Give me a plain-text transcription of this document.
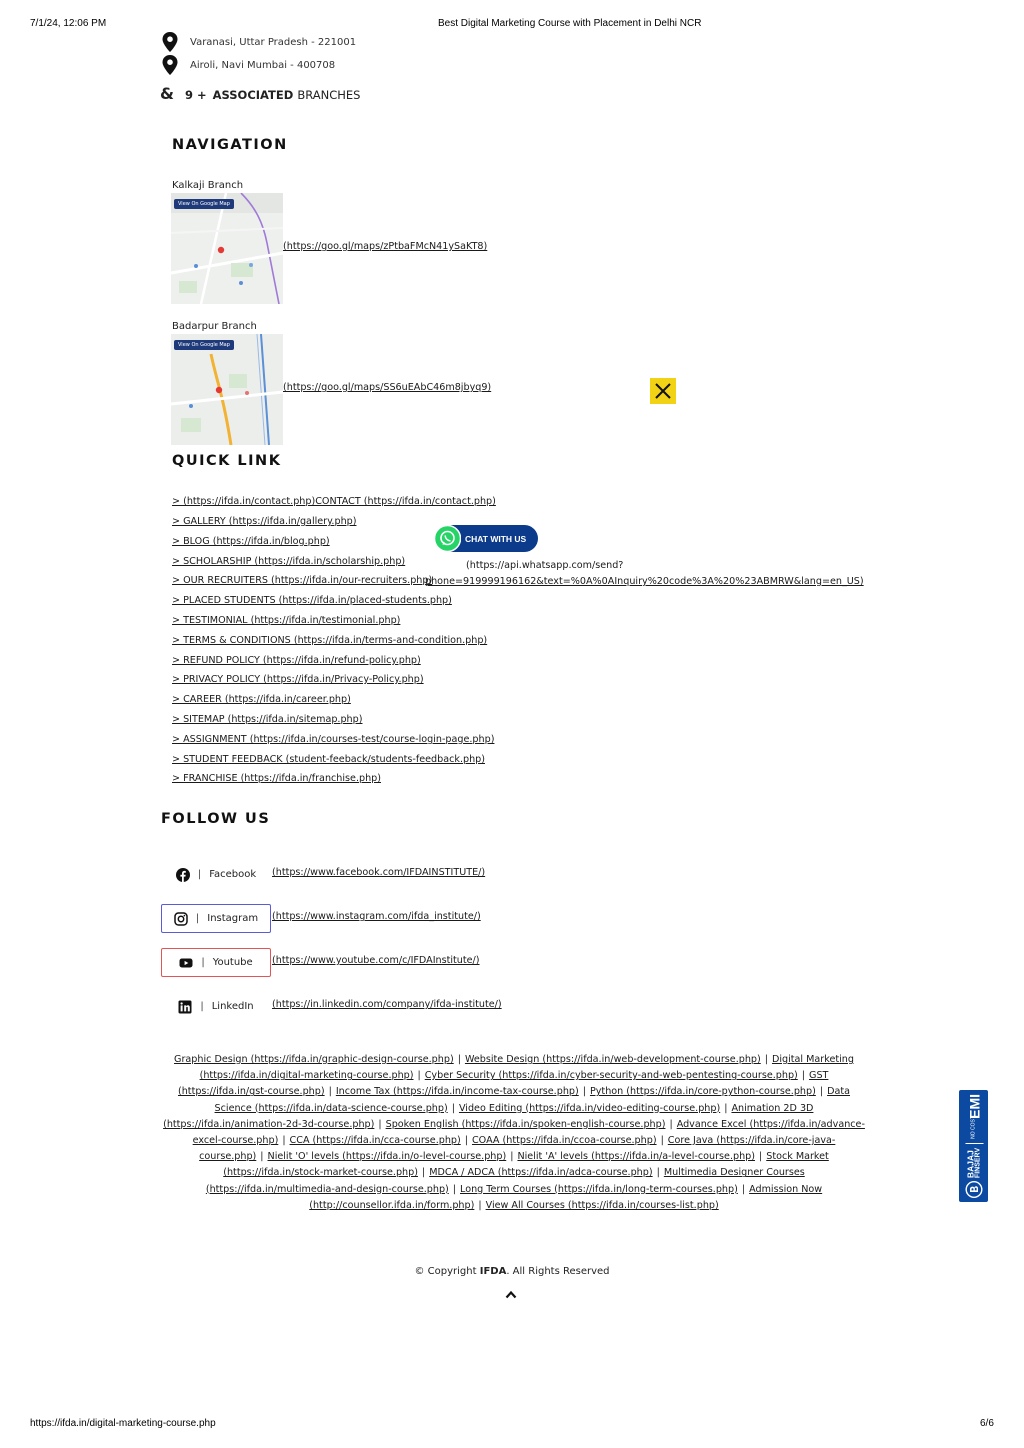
7/1/24, 12:06 PM	Best Digital Marketing Course with Placement in Delhi NCR
Varanasi, Uttar Pradesh - 221001
Airoli, Navi Mumbai - 400708
& 9 + ASSOCIATED BRANCHES
NAVIGATION
Kalkaji Branch
View On Google Map
(https://goo.gl/maps/zPtbaFMcN41ySaKT8)
Badarpur Branch
View On Google Map
(https://goo.gl/maps/SS6uEAbC46m8jbyq9)
QUICK LINK
> (https://ifda.in/contact.php)CONTACT (https://ifda.in/contact.php)
> GALLERY (https://ifda.in/gallery.php)
> BLOG (https://ifda.in/blog.php)
> SCHOLARSHIP (https://ifda.in/scholarship.php)
> OUR RECRUITERS (https://ifda.in/our-recruiters.php)
> PLACED STUDENTS (https://ifda.in/placed-students.php)
> TESTIMONIAL (https://ifda.in/testimonial.php)
> TERMS & CONDITIONS (https://ifda.in/terms-and-condition.php)
> REFUND POLICY (https://ifda.in/refund-policy.php)
> PRIVACY POLICY (https://ifda.in/Privacy-Policy.php)
> CAREER (https://ifda.in/career.php)
> SITEMAP (https://ifda.in/sitemap.php)
> ASSIGNMENT (https://ifda.in/courses-test/course-login-page.php)
> STUDENT FEEDBACK (student-feeback/students-feedback.php)
> FRANCHISE (https://ifda.in/franchise.php)
CHAT WITH US
(https://api.whatsapp.com/send?
phone=919999196162&text=%0A%0AInquiry%20code%3A%20%23ABMRW&lang=en_US)
FOLLOW US
| Facebook (https://www.facebook.com/IFDAINSTITUTE/)
| Instagram (https://www.instagram.com/ifda_institute/)
| Youtube (https://www.youtube.com/c/IFDAInstitute/)
| LinkedIn (https://in.linkedin.com/company/ifda-institute/)
Graphic Design (https://ifda.in/graphic-design-course.php) | Website Design (https://ifda.in/web-development-course.php) | Digital Marketing (https://ifda.in/digital-marketing-course.php) | Cyber Security (https://ifda.in/cyber-security-and-web-pentesting-course.php) | GST (https://ifda.in/gst-course.php) | Income Tax (https://ifda.in/income-tax-course.php) | Python (https://ifda.in/core-python-course.php) | Data Science (https://ifda.in/data-science-course.php) | Video Editing (https://ifda.in/video-editing-course.php) | Animation 2D 3D (https://ifda.in/animation-2d-3d-course.php) | Spoken English (https://ifda.in/spoken-english-course.php) | Advance Excel (https://ifda.in/advance-excel-course.php) | CCA (https://ifda.in/cca-course.php) | COAA (https://ifda.in/ccoa-course.php) | Core Java (https://ifda.in/core-java-course.php) | Nielit 'O' levels (https://ifda.in/o-level-course.php) | Nielit 'A' levels (https://ifda.in/a-level-course.php) | Stock Market (https://ifda.in/stock-market-course.php) | MDCA / ADCA (https://ifda.in/adca-course.php) | Multimedia Designer Courses (https://ifda.in/multimedia-and-design-course.php) | Long Term Courses (https://ifda.in/long-term-courses.php) | Admission Now (http://counsellor.ifda.in/form.php) | View All Courses (https://ifda.in/courses-list.php)
© Copyright IFDA. All Rights Reserved
BAJAJ FINSERV
NO COST
EMI
https://ifda.in/digital-marketing-course.php	6/6
